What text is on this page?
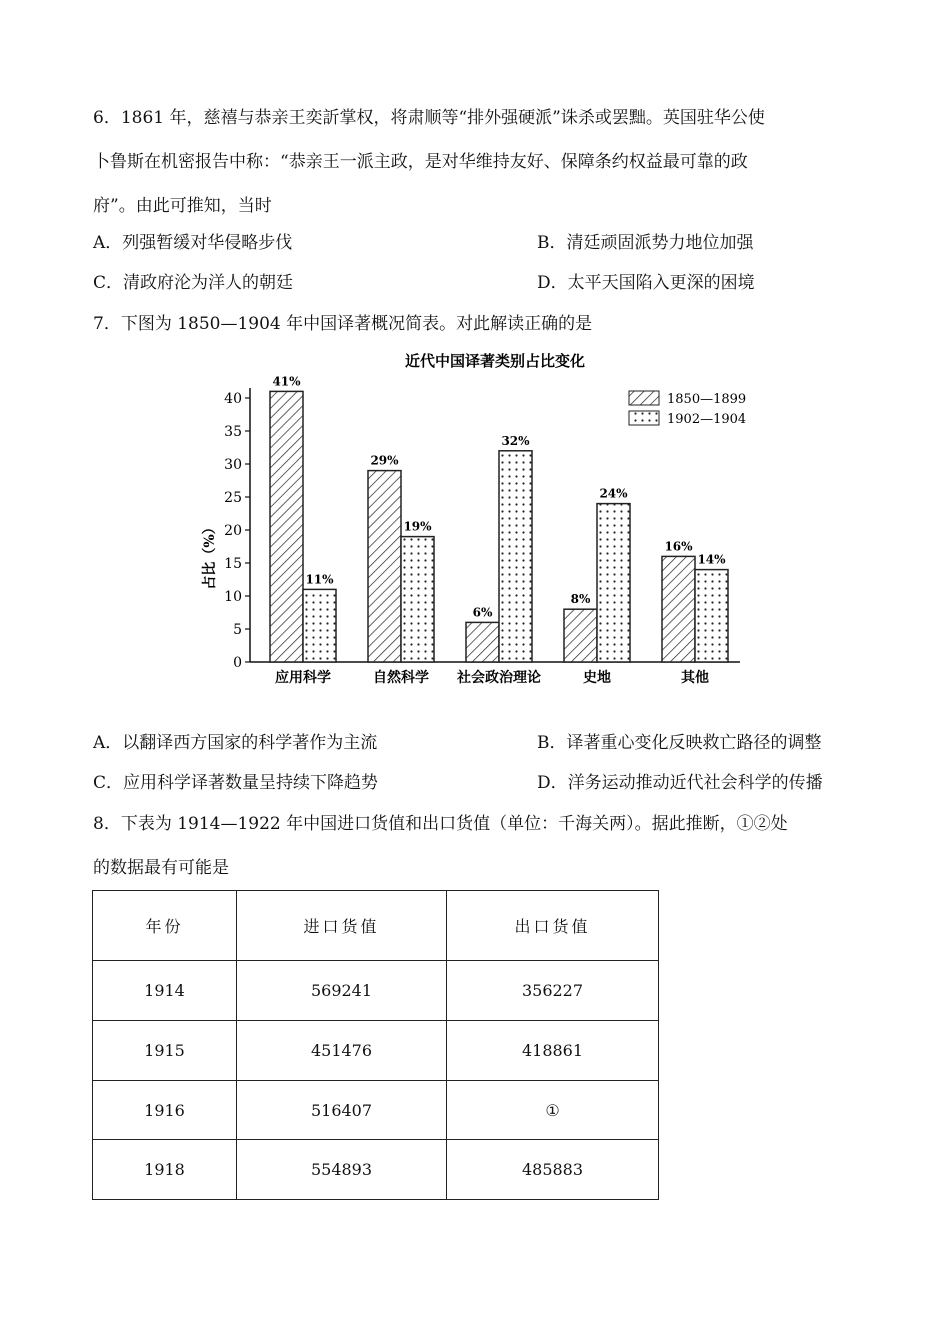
6．1861 年，慈禧与恭亲王奕訢掌权，将肃顺等“排外强硬派”诛杀或罢黜。英国驻华公使
卜鲁斯在机密报告中称：“恭亲王一派主政，是对华维持友好、保障条约权益最可靠的政
府”。由此可推知，当时
A．列强暂缓对华侵略步伐	B．清廷顽固派势力地位加强
C．清政府沦为洋人的朝廷	D．太平天国陷入更深的困境
7．下图为 1850—1904 年中国译著概况简表。对此解读正确的是
近代中国译著类别占比变化
占比（%）
0
5
10
15
20
25
30
35
40
41%
11%
应用科学
29%
19%
自然科学
6%
32%
社会政治理论
8%
24%
史地
16%
14%
其他
1850—1899
1902—1904
A．以翻译西方国家的科学著作为主流	B．译著重心变化反映救亡路径的调整
C．应用科学译著数量呈持续下降趋势	D．洋务运动推动近代社会科学的传播
8．下表为 1914—1922 年中国进口货值和出口货值（单位：千海关两）。据此推断，①②处
的数据最有可能是
年份	进口货值	出口货值
1914	569241	356227
1915	451476	418861
1916	516407	①
1918	554893	485883
